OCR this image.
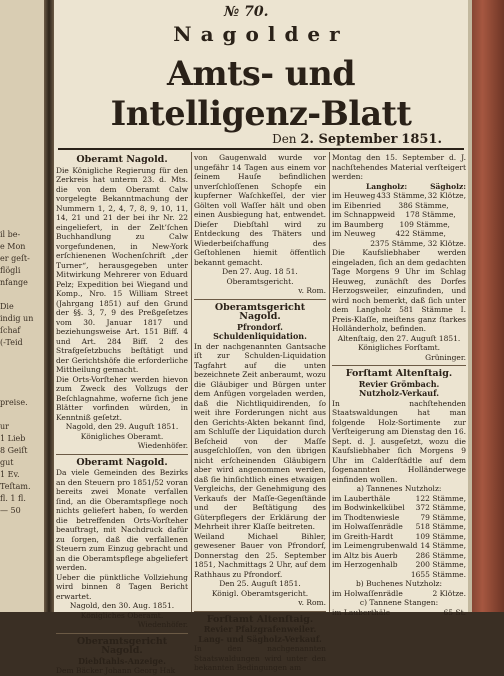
il be-
e Mon
er geſt-
flögli
nfange
Die
indig un
ſchaf
(-Teid
preise.
ur
1 Lieb
8 Geiſt
gut
1 Ev.
Teſtam.
fl. 1 fl.
— 50
№ 70.
Nagolder
Amts- und Intelligenz-Blatt
Den 2. September 1851.
Oberamt Nagold.
Die Königliche Regierung für den Zerkreis hat unterm 23. d. Mts. die von dem Oberamt Calw vorgelegte Bekanntmachung der Nummern 1, 2, 4, 7, 8, 9, 10, 11, 14, 21 und 21 der bei ihr Nr. 22 eingeliefert, in der Zelt’ſchen Buchhandlung zu Calw vorgefundenen, in New-York erſchienenen Wochenſchrift „der Turner“, herausgegeben unter Mitwirkung Mehrerer von Eduard Pelz; Expedition bei Wiegand und Komp., Nro. 15 William Street (Jahrgang 1851) auf den Grund der §§. 3, 7, 9 des Preßgeſetzes vom 30. Januar 1817 und beziehungsweise Art. 151 Biff. 4 und Art. 284 Biff. 2 des Strafgeſetzbuchs beſtätigt und der Gerichtshöfe die erforderliche Mittheilung gemacht.
Die Orts-Vorſteher werden hievon zum Zweck des Vollzugs der Beſchlagnahme, woferne ſich jene Blätter vorfinden würden, in Kenntniß geſetzt.
Nagold, den 29. Auguſt 1851.
Königliches Oberamt.
Wiedenhöfer.
Oberamt Nagold.
Da viele Gemeinden des Bezirks an den Steuern pro 1851/52 voran bereits zwei Monate verfallen ſind, an die Oberamtspflege noch nichts geliefert haben, ſo werden die betreffenden Orts-Vorſteher beauftragt, mit Nachdruck dafür zu ſorgen, daß die verfallenen Steuern zum Einzug gebracht und an die Oberamtspflege abgeliefert werden.
Ueber die pünktliche Vollziehung wird binnen 8 Tagen Bericht erwartet.
Nagold, den 30. Aug. 1851.
Königliches Oberamt.
Wiedenhöfer.
Oberamtsgericht Nagold.
Diebſtahls-Anzeige.
Dem Bäcker Johann Georg Hak
von Gaugenwald wurde vor ungefähr 14 Tagen aus einem vor ſeinem Hauſe befindlichen unverſchloſſenen Schopfe ein kupferner Waſchkeſſel, der vier Gölten voll Waſſer hält und oben einen Ausbiegung hat, entwendet. Dieſer Diebſtahl wird zu Entdeckung des Thäters und Wiederbeiſchaffung des Geſtohlenen hiemit öffentlich bekannt gemacht.
Den 27. Aug. 18 51.
Oberamtsgericht.
v. Rom.
Oberamtsgericht Nagold.
Pfrondorf.
Schuldenliquidation.
In der nachgenannten Gantsache iſt zur Schulden-Liquidation Tagfahrt auf die unten bezeichnete Zeit anberaumt, wozu die Gläubiger und Bürgen unter dem Anfügen vorgeladen werden, daß die Nichtliquidirenden, ſo weit ihre Forderungen nicht aus den Gerichts-Akten bekannt ſind, am Schluſſe der Liquidation durch Beſcheid von der Maſſe ausgeſchloſſen, von den übrigen nicht erſcheinenden Gläubigern aber wird angenommen werden, daß ſie hinſichtlich eines etwaigen Vergleichs, der Genehmigung des Verkaufs der Maſſe-Gegenſtände und der Beſtätigung des Güterpflegers der Erklärung der Mehrheit ihrer Klaſſe beitreten.
Weiland Michael Bihler, gewesener Bauer von Pfrondorf, Donnerstag den 25. September 1851, Nachmittags 2 Uhr, auf dem Rathhaus zu Pfrondorf.
Den 25. Auguſt 1851.
Königl. Oberamtsgericht.
v. Rom.
Forſtamt Altenſtaig.
Revier Pfalzgrafenweiler.
Lang- und Sägholz-Verkauf.
In den nachgenannten Staatswaldungen wird unter den bekannten Bedingungen am
Montag den 15. September d. J. nachſtehendes Material verſteigert werden:
Langholz:	Sägholz:
im Heuweg 433 Stämme, 32 Klötze,
im Eibenried 386 Stämme,
im Schnappweid 178 Stämme,
im Baumberg 109 Stämme,
im Neuweg	422 Stämme,
2375 Stämme, 32 Klötze.
Die Kaufsliebhaber werden eingeladen, ſich an dem gedachten Tage Morgens 9 Uhr im Schlag Heuweg, zunächſt des Dorfes Herzogsweiler, einzufinden, und wird noch bemerkt, daß ſich unter dem Langholz 581 Stämme I. Preis-Klaſſe, meiſtens ganz ſtarkes Holländerholz, befinden.
Altenſtaig, den 27. Auguſt 1851.
Königliches Forſtamt.
Grüninger.
Forſtamt Altenſtaig.
Revier Grömbach.
Nutzholz-Verkauf.
In nachſtehenden Staatswaldungen hat man folgende Holz-Sortimente zur Verſteigerung am Dienstag den 16. Sept. d. J. ausgeſetzt, wozu die Kaufsliebhaber ſich Morgens 9 Uhr im Calderſtädtle auf dem ſogenannten Holländerwege einfinden wollen.
a) Tannenes Nutzholz:
im Lauberthäle	122 Stämme,
im Bodwinkelkübel 372 Stämme,
im Thodtenwiesle	79 Stämme,
im Holwaſſenrädle 518 Stämme,
im Greith-Hardt	109 Stämme,
im Leimengrubenwald 14 Stämme,
im Altz bis Auerb 286 Stämme,
im Herzogenhalb 200 Stämme,
1655 Stämme.
b) Buchenes Nutzholz:
im Holwaſſenrädle	2 Klötze.
c) Tannene Stangen:
im Lauberthäle	65 St.
